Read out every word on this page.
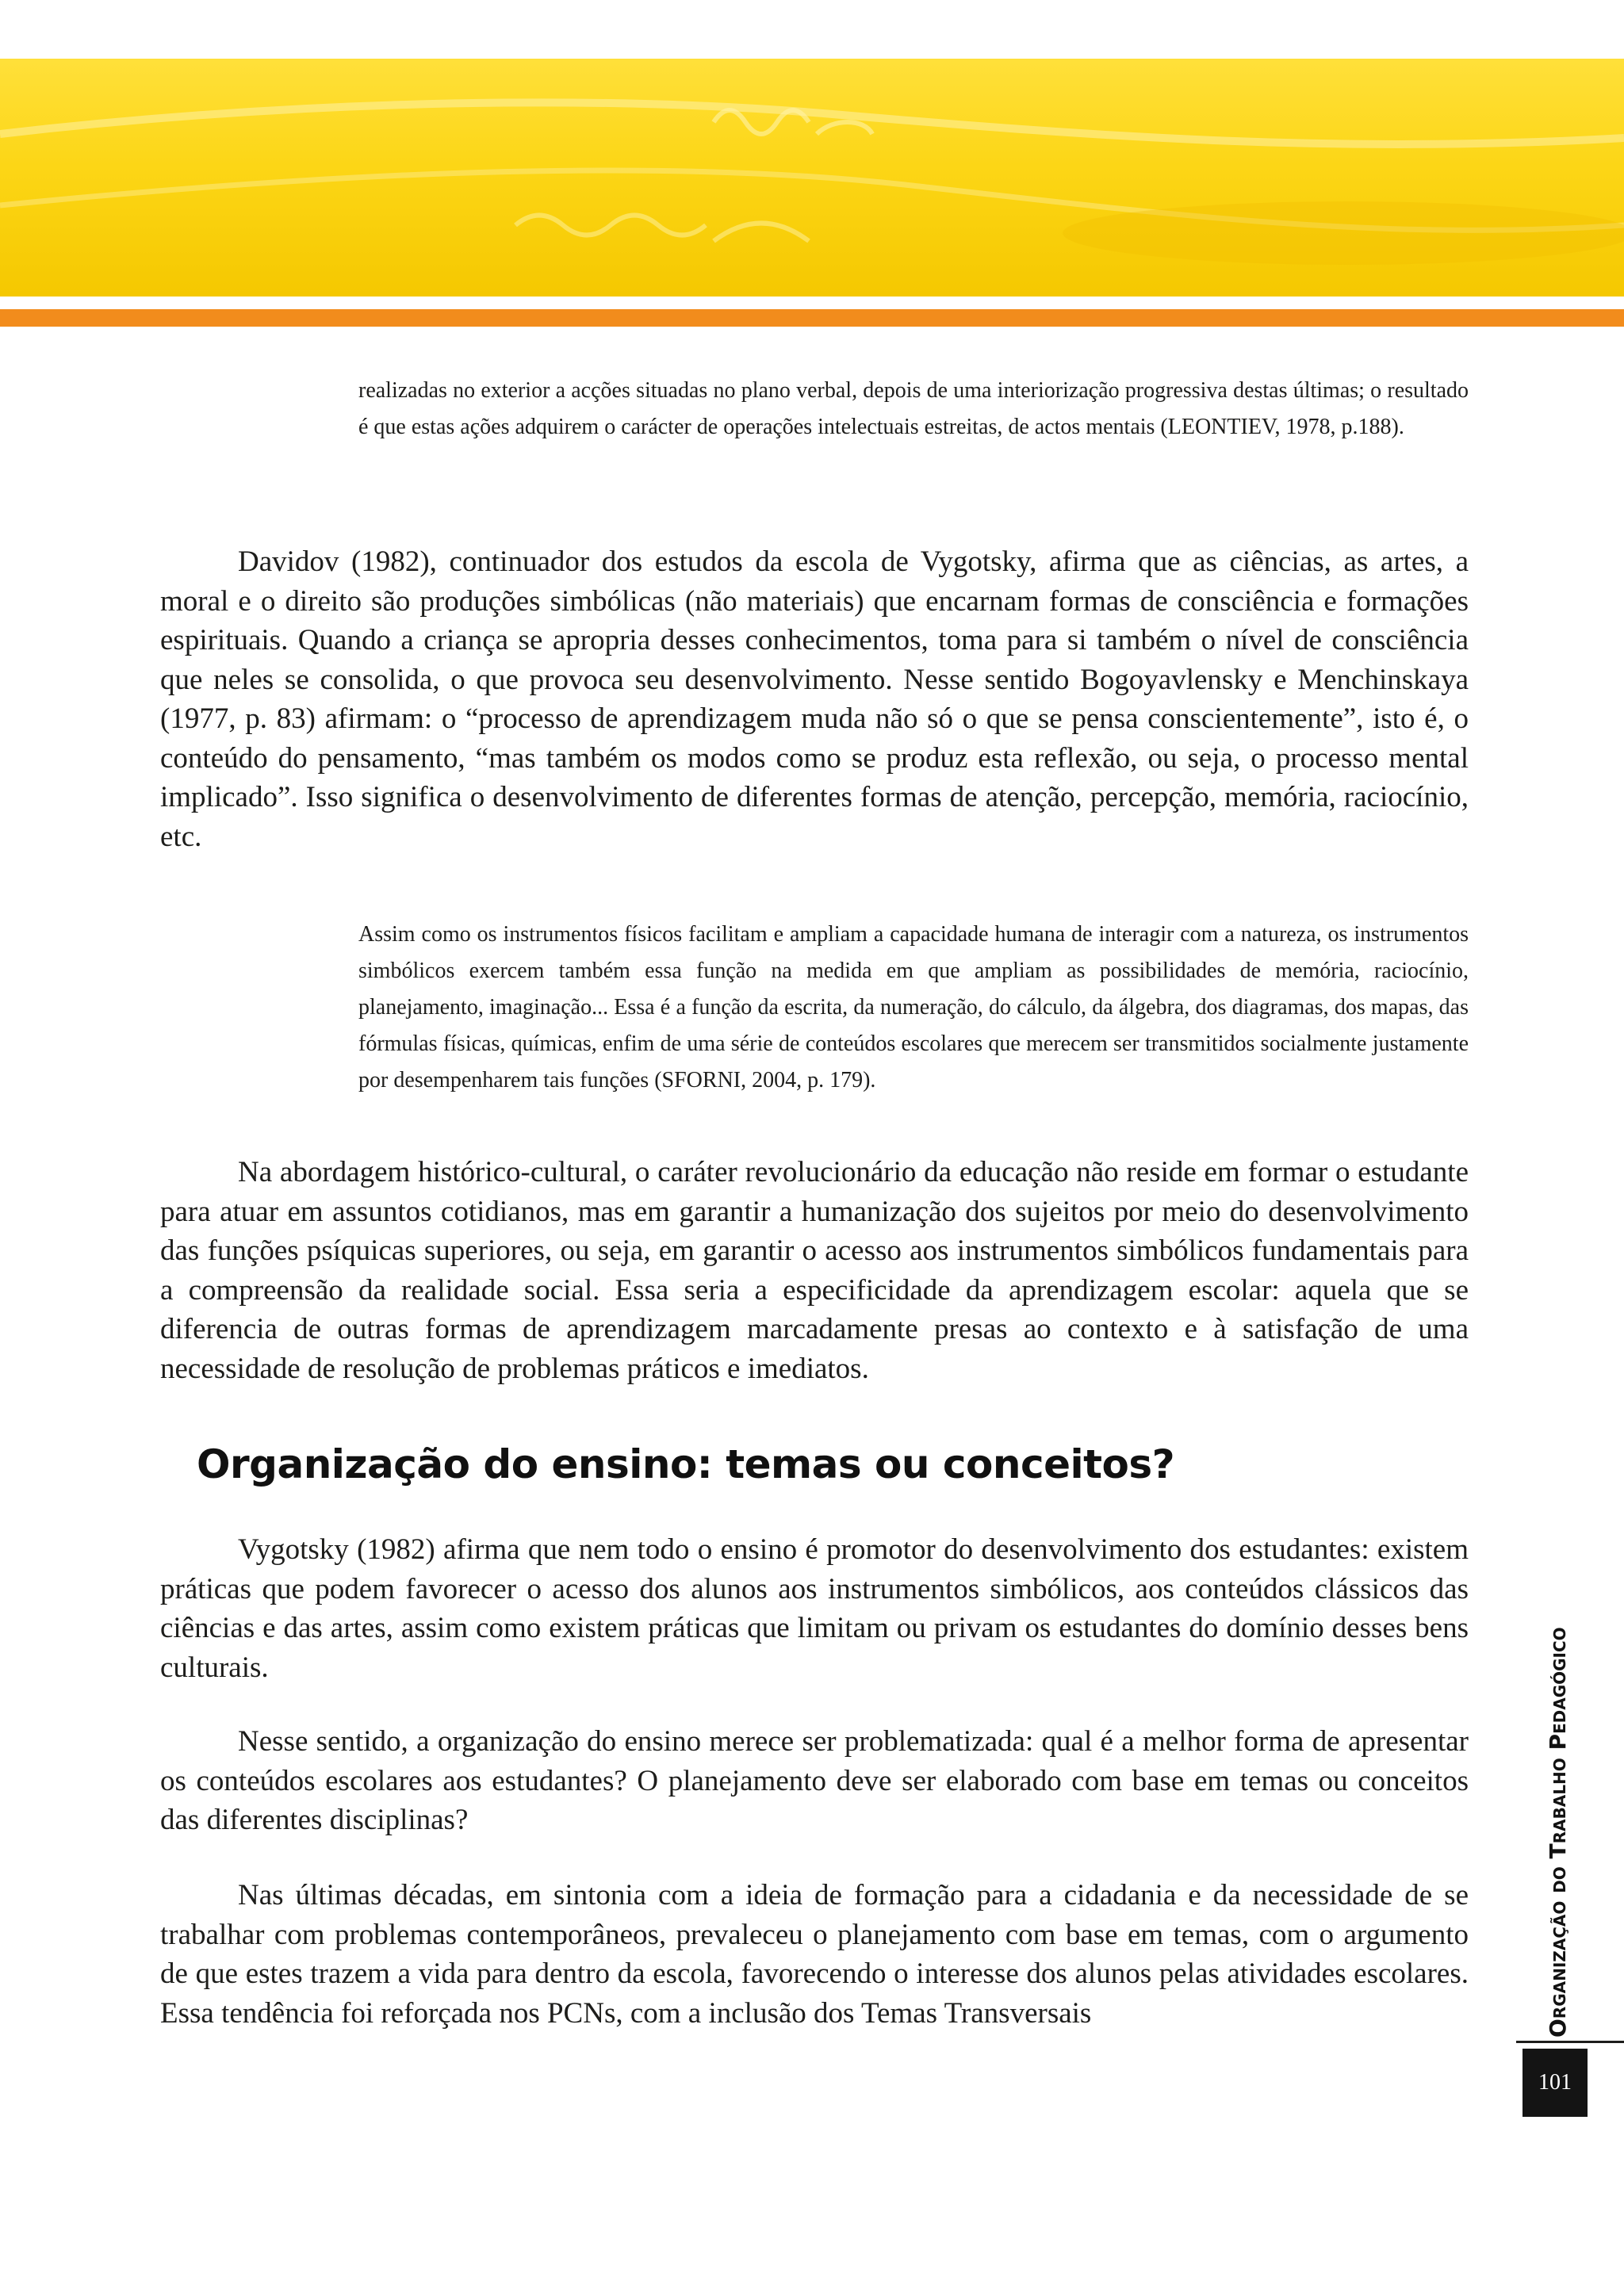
realizadas no exterior a acções situadas no plano verbal, depois de uma interiorização progressiva destas últimas; o resultado é que estas ações adquirem o carácter de operações intelectuais estreitas, de actos mentais (LEONTIEV, 1978, p.188).

Davidov (1982), continuador dos estudos da escola de Vygotsky, afirma que as ciências, as artes, a moral e o direito são produções simbólicas (não materiais) que encarnam formas de consciência e formações espirituais. Quando a criança se apropria desses conhecimentos, toma para si também o nível de consciência que neles se consolida, o que provoca seu desenvolvimento. Nesse sentido Bogoyavlensky e Menchinskaya (1977, p. 83) afirmam: o “processo de aprendizagem muda não só o que se pensa conscientemente”, isto é, o conteúdo do pensamento, “mas também os modos como se produz esta reflexão, ou seja, o processo mental implicado”. Isso significa o desenvolvimento de diferentes formas de atenção, percepção, memória, raciocínio, etc.

Assim como os instrumentos físicos facilitam e ampliam a capacidade humana de interagir com a natureza, os instrumentos simbólicos exercem também essa função na medida em que ampliam as possibilidades de memória, raciocínio, planejamento, imaginação... Essa é a função da escrita, da numeração, do cálculo, da álgebra, dos diagramas, dos mapas, das fórmulas físicas, químicas, enfim de uma série de conteúdos escolares que merecem ser transmitidos socialmente justamente por desempenharem tais funções (SFORNI, 2004, p. 179).

Na abordagem histórico-cultural, o caráter revolucionário da educação não reside em formar o estudante para atuar em assuntos cotidianos, mas em garantir a humanização dos sujeitos por meio do desenvolvimento das funções psíquicas superiores, ou seja, em garantir o acesso aos instrumentos simbólicos fundamentais para a compreensão da realidade social. Essa seria a especificidade da aprendizagem escolar: aquela que se diferencia de outras formas de aprendizagem marcadamente presas ao contexto e à satisfação de uma necessidade de resolução de problemas práticos e imediatos.

Organização do ensino: temas ou conceitos?

Vygotsky (1982) afirma que nem todo o ensino é promotor do desenvolvimento dos estudantes: existem práticas que podem favorecer o acesso dos alunos aos instrumentos simbólicos, aos conteúdos clássicos das ciências e das artes, assim como existem práticas que limitam ou privam os estudantes do domínio desses bens culturais.

Nesse sentido, a organização do ensino merece ser problematizada: qual é a melhor forma de apresentar os conteúdos escolares aos estudantes? O planejamento deve ser elaborado com base em temas ou conceitos das diferentes disciplinas?

Nas últimas décadas, em sintonia com a ideia de formação para a cidadania e da necessidade de se trabalhar com problemas contemporâneos, prevaleceu o planejamento com base em temas, com o argumento de que estes trazem a vida para dentro da escola, favorecendo o interesse dos alunos pelas atividades escolares. Essa tendência foi reforçada nos PCNs, com a inclusão dos Temas Transversais	Organização do Trabalho Pedagógico
101
